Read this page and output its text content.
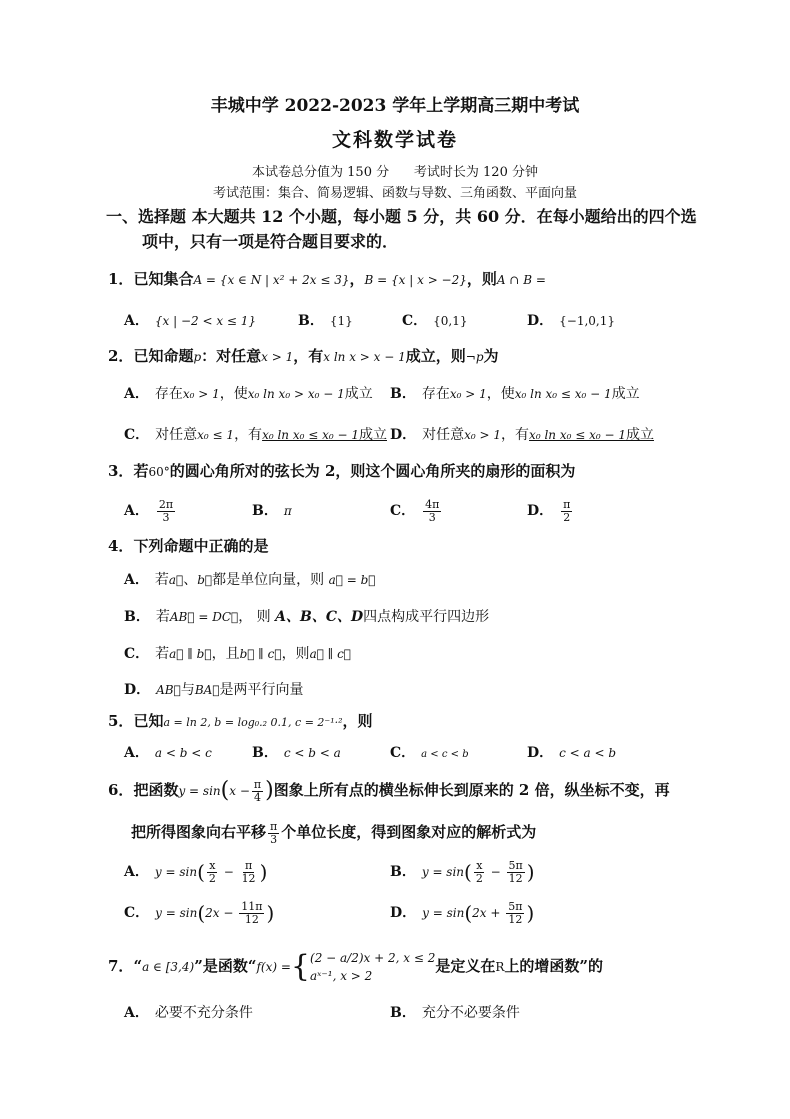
丰城中学 2022-2023 学年上学期高三期中考试
文科数学试卷
本试卷总分值为 150 分 考试时长为 120 分钟
考试范围：集合、简易逻辑、函数与导数、三角函数、平面向量
一、选择题 本大题共 12 个小题，每小题 5 分，共 60 分．在每小题给出的四个选
项中，只有一项是符合题目要求的．
1．已知集合A = {x ∈ N | x² + 2x ≤ 3}，B = {x | x > −2}，则A ∩ B =
A． {x | −2 < x ≤ 1}	B． {1}	C． {0,1}	D． {−1,0,1}
2．已知命题p：对任意x > 1，有x ln x > x − 1成立，则¬p为
A． 存在x₀ > 1，使x₀ ln x₀ > x₀ − 1成立 B． 存在x₀ > 1，使x₀ ln x₀ ≤ x₀ − 1成立
C． 对任意x₀ ≤ 1，有x₀ ln x₀ ≤ x₀ − 1成立 D． 对任意x₀ > 1，有x₀ ln x₀ ≤ x₀ − 1成立
3．若60°的圆心角所对的弦长为 2，则这个圆心角所夹的扇形的面积为
A． $\frac{2\pi}{3}$	B． π	C． $\frac{4\pi}{3}$	D． $\frac{\pi}{2}$
4．下列命题中正确的是
A． 若a⃗、b⃗都是单位向量，则 a⃗ = b⃗
B． 若AB⃗ = DC⃗， 则 A、B、C、D四点构成平行四边形
C． 若a⃗ ∥ b⃗，且b⃗ ∥ c⃗，则a⃗ ∥ c⃗
D． AB⃗与BA⃗是两平行向量
5．已知a = ln 2, b = log₀.₂ 0.1, c = 2⁻¹·²，则
A． a < b < c	B． c < b < a	C． a < c < b	D． c < a < b
6．把函数$y = \sin(x - \frac{\pi}{4}$ )图象上所有点的横坐标伸长到原来的 2 倍，纵坐标不变，再
把所得图象向右平移 $\frac{\pi}{3}$ 个单位长度，得到图象对应的解析式为
A． $y = \sin( \frac{x}{2} - \frac{\pi}{12}$ )	B． $y = \sin( \frac{x}{2} - \frac{5\pi}{12}$ )
C． $y = \sin(2x - \frac{11\pi}{12}$ )	D． $y = \sin(2x + \frac{5\pi}{12}$ )
7．“a ∈ [3,4)”是函数“f(x) ={ (2 − a/2)x + 2, x ≤ 2
aˣ⁻¹, x > 2
是定义在R上的增函数”的
A． 必要不充分条件	B． 充分不必要条件
